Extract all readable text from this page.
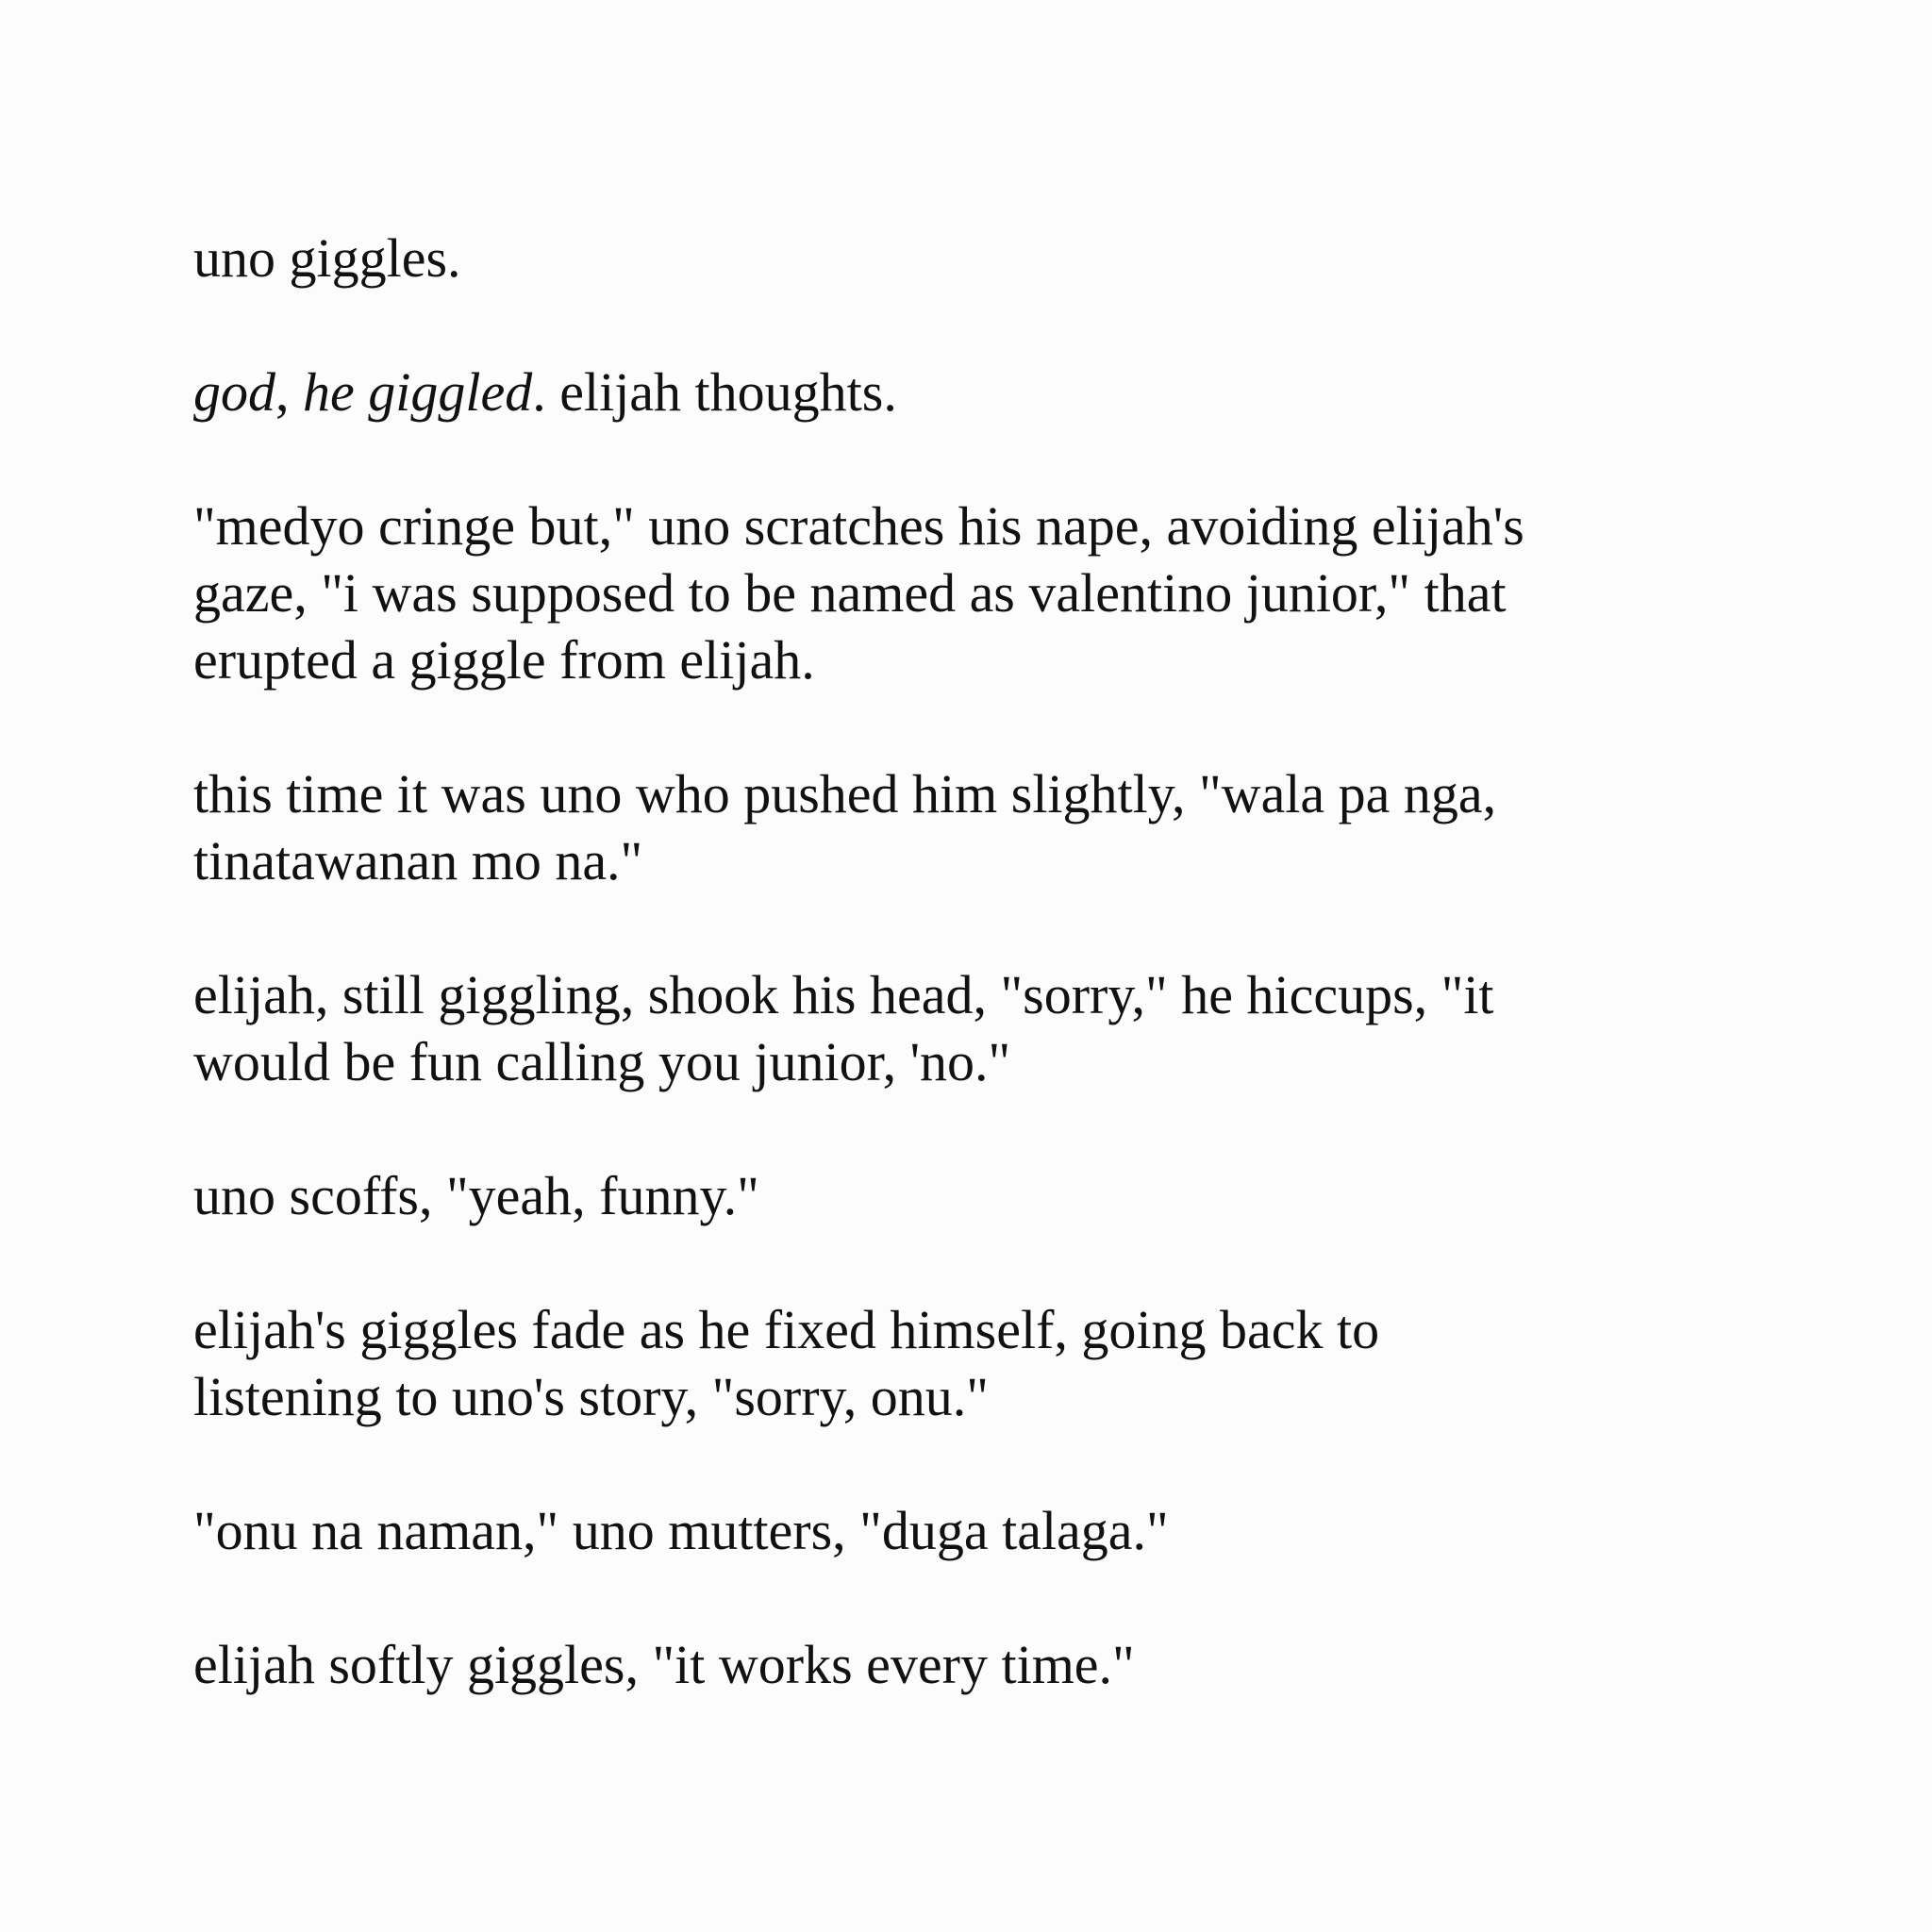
uno giggles.

god, he giggled. elijah thoughts.

"medyo cringe but," uno scratches his nape, avoiding elijah's
gaze, "i was supposed to be named as valentino junior," that
erupted a giggle from elijah.

this time it was uno who pushed him slightly, "wala pa nga,
tinatawanan mo na."

elijah, still giggling, shook his head, "sorry," he hiccups, "it
would be fun calling you junior, 'no."

uno scoffs, "yeah, funny."

elijah's giggles fade as he fixed himself, going back to
listening to uno's story, "sorry, onu."

"onu na naman," uno mutters, "duga talaga."

elijah softly giggles, "it works every time."
